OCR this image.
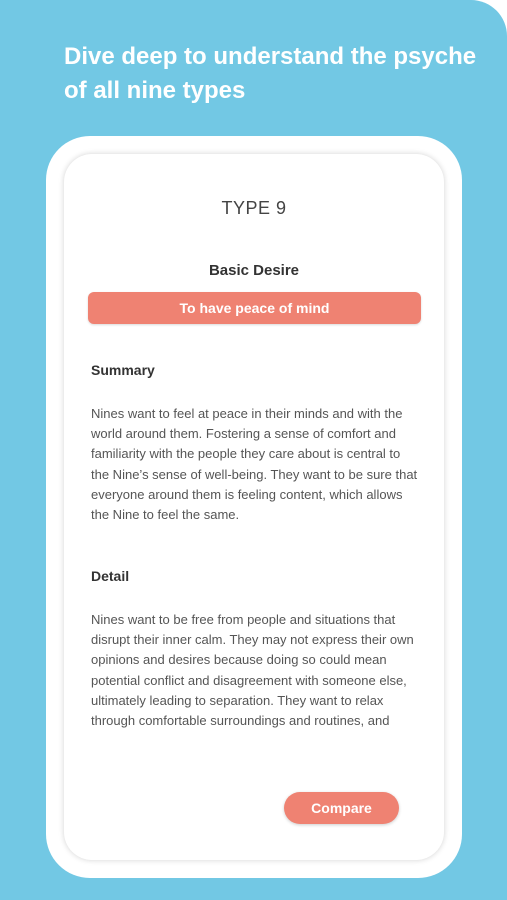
Dive deep to understand the psyche of all nine types
TYPE 9
Basic Desire
To have peace of mind
Summary
Nines want to feel at peace in their minds and with the world around them. Fostering a sense of comfort and familiarity with the people they care about is central to the Nine’s sense of well-being. They want to be sure that everyone around them is feeling content, which allows the Nine to feel the same.
Detail
Nines want to be free from people and situations that disrupt their inner calm. They may not express their own opinions and desires because doing so could mean potential conflict and disagreement with someone else, ultimately leading to separation. They want to relax through comfortable surroundings and routines, and
Compare
